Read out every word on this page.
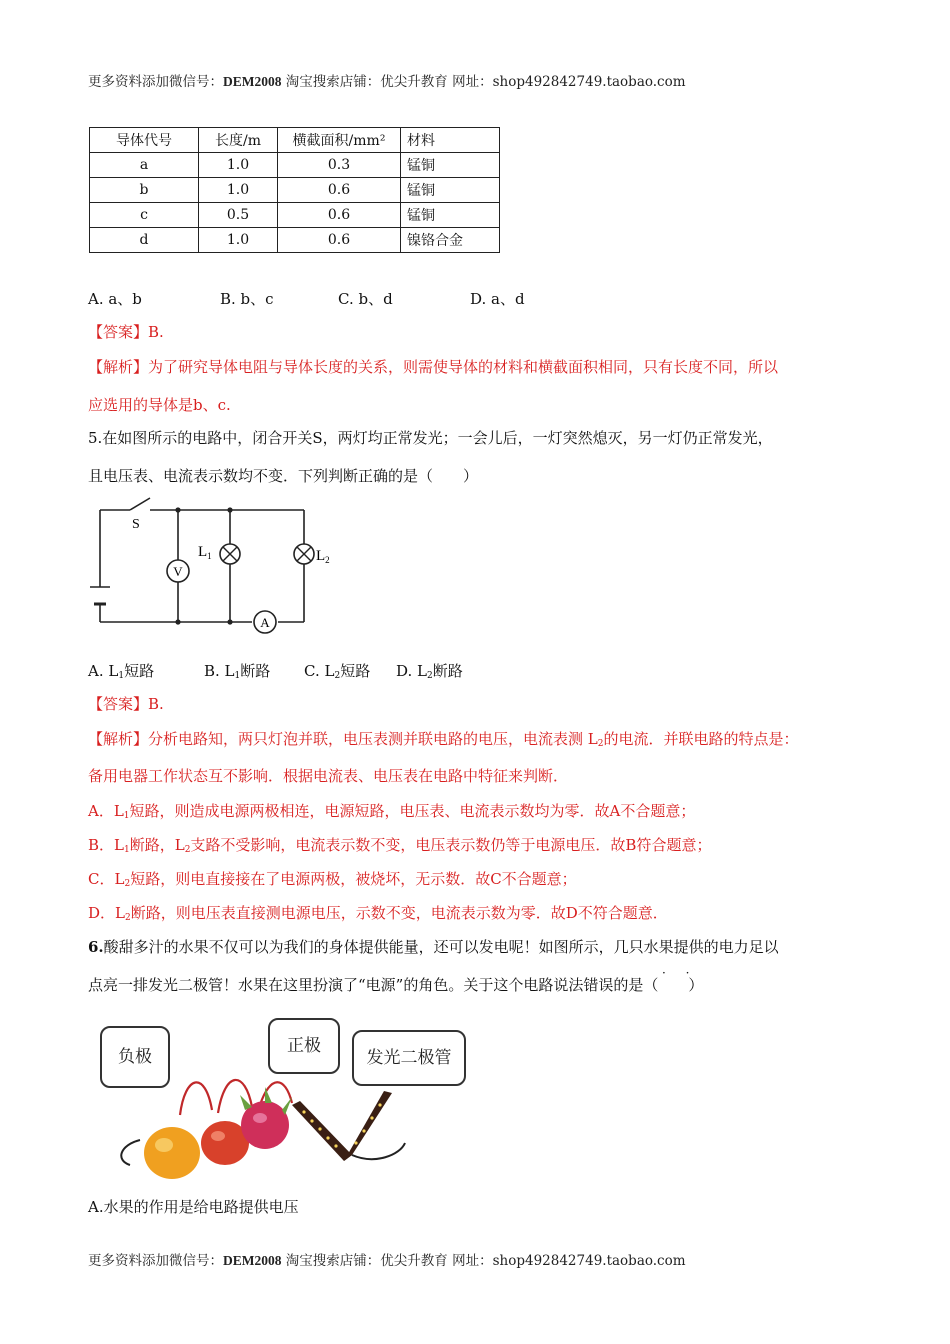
更多资料添加微信号：DEM2008 淘宝搜索店铺：优尖升教育 网址：shop492842749.taobao.com
导体代号	长度/m	横截面积/mm²	材料
a	1.0	0.3	锰铜
b	1.0	0.6	锰铜
c	0.5	0.6	锰铜
d	1.0	0.6	镍铬合金
A. a、b	B. b、c	C. b、d	D. a、d
【答案】B.
【解析】为了研究导体电阻与导体长度的关系，则需使导体的材料和横截面积相同，只有长度不同，所以
应选用的导体是b、c.
5.在如图所示的电路中，闭合开关S，两灯均正常发光；一会儿后，一灯突然熄灭，另一灯仍正常发光，
且电压表、电流表示数均不变．下列判断正确的是（　　）
V
A
S
$L_1$	$L_2$
A. $L_1$短路	B. $L_1$断路 C. $L_2$短路 D. $L_2$断路
【答案】B.
【解析】分析电路知，两只灯泡并联，电压表测并联电路的电压，电流表测 $L_2$的电流．并联电路的特点是：
备用电器工作状态互不影响．根据电流表、电压表在电路中特征来判断．
A．$L_1$短路，则造成电源两极相连，电源短路，电压表、电流表示数均为零．故A不合题意；
B．$L_1$断路，$L_2$支路不受影响，电流表示数不变，电压表示数仍等于电源电压．故B符合题意；
C．$L_2$短路，则电直接接在了电源两极，被烧坏，无示数．故C不合题意；
D．$L_2$断路，则电压表直接测电源电压，示数不变，电流表示数为零．故D不符合题意．
6.酸甜多汁的水果不仅可以为我们的身体提供能量，还可以发电呢！如图所示，几只水果提供的电力足以
· ·
点亮一排发光二极管！水果在这里扮演了“电源”的角色。关于这个电路说法错误的是（　　）
负极
正极
发光二极管
A.水果的作用是给电路提供电压
更多资料添加微信号：DEM2008 淘宝搜索店铺：优尖升教育 网址：shop492842749.taobao.com
